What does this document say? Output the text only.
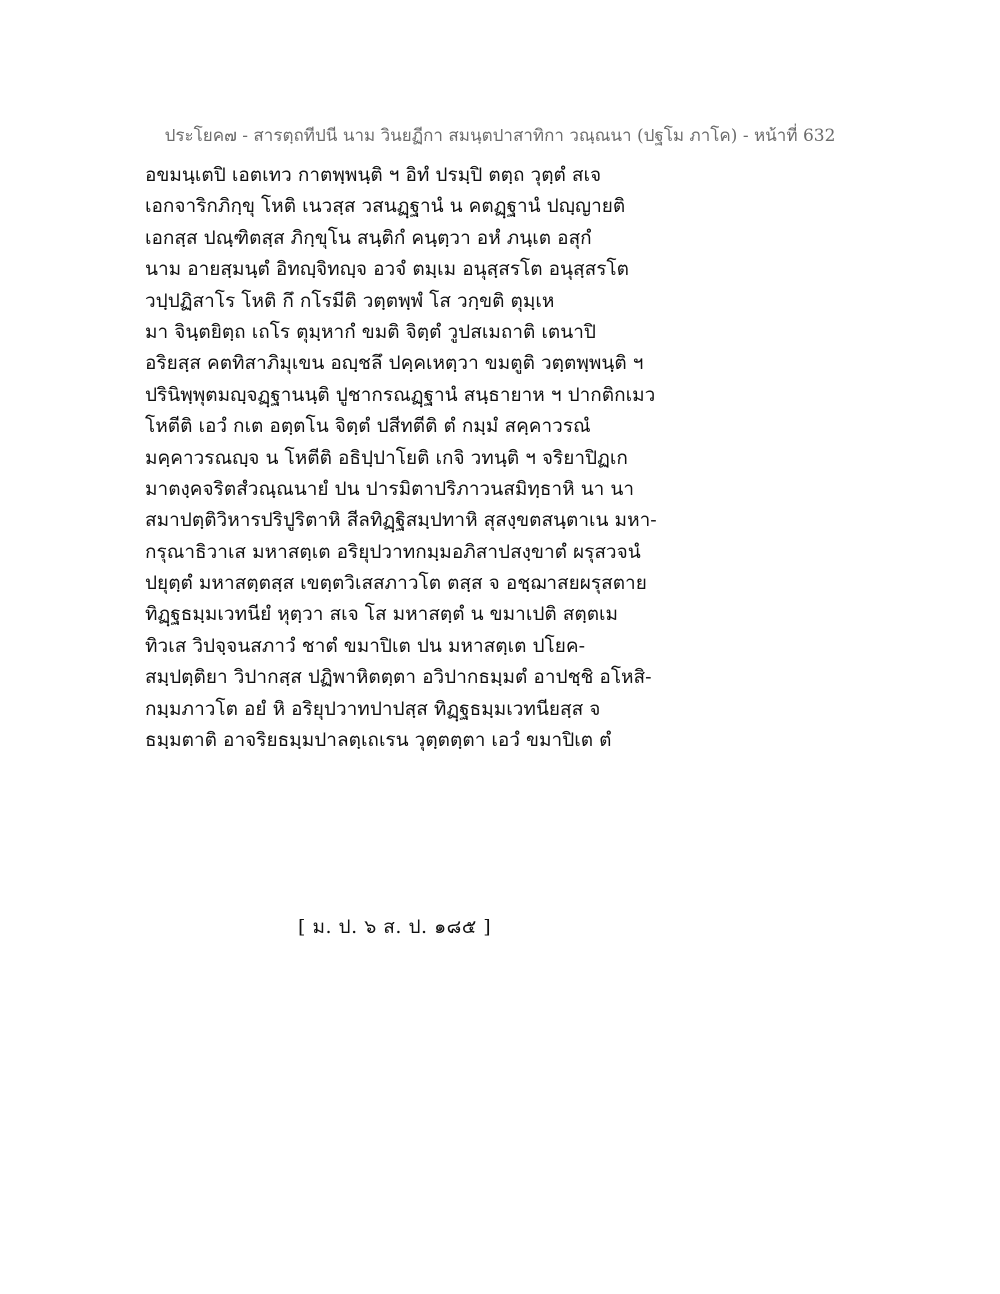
ประโยค๗ - สารตฺถทีปนี นาม วินยฏีกา สมนฺตปาสาทิกา วณฺณนา (ปฐโม ภาโค) - หน้าที่ 632
อขมนฺเตปิ เอตเทว กาตพฺพนฺติ ฯ อิทํ ปรมฺปิ ตตฺถ วุตฺตํ สเจ
เอกจาริกภิกฺขุ โหติ เนวสฺส วสนฏฺฐานํ น คตฏฺฐานํ ปญฺญายติ
เอกสฺส ปณฺฑิตสฺส ภิกฺขุโน สนฺติกํ คนฺตฺวา อหํ ภนฺเต อสุกํ
นาม อายสฺมนฺตํ อิทญฺจิทญฺจ อวจํ ตมฺเม อนุสฺสรโต อนุสฺสรโต
วปฺปฏิสาโร โหติ กึ กโรมีติ วตฺตพฺพํ โส วกฺขติ ตุมฺเห
มา จินฺตยิตฺถ เถโร ตุมฺหากํ ขมติ จิตฺตํ วูปสเมถาติ เตนาปิ
อริยสฺส คตทิสาภิมุเขน อญฺชลึ ปคฺคเหตฺวา ขมตูติ วตฺตพฺพนฺติ ฯ
ปรินิพฺพุตมญฺจฏฺฐานนฺติ ปูชากรณฏฺฐานํ สนฺธายาห ฯ ปากติกเมว
โหตีติ เอวํ กเต อตฺตโน จิตฺตํ ปสีทตีติ ตํ กมฺมํ สคฺคาวรณํ
มคฺคาวรณญฺจ น โหตีติ อธิปฺปาโยติ เกจิ วทนฺติ ฯ จริยาปิฏเก
มาตงฺคจริตสํวณฺณนายํ ปน ปารมิตาปริภาวนสมิทฺธาหิ นา นา
สมาปตฺติวิหารปริปูริตาหิ สีลทิฏฺฐิสมฺปทาหิ สุสงฺขตสนฺตาเน มหา-
กรุณาธิวาเส มหาสตฺเต อริยุปวาทกมฺมอภิสาปสงฺขาตํ ผรุสวจนํ
ปยุตฺตํ มหาสตฺตสฺส เขตฺตวิเสสภาวโต ตสฺส จ อชฺฌาสยผรุสตาย
ทิฏฺฐธมฺมเวทนียํ หุตฺวา สเจ โส มหาสตฺตํ น ขมาเปติ สตฺตเม
ทิวเส วิปจฺจนสภาวํ ชาตํ ขมาปิเต ปน มหาสตฺเต ปโยค-
สมฺปตฺติยา วิปากสฺส ปฏิพาหิตตฺตา อวิปากธมฺมตํ อาปชฺชิ อโหสิ-
กมฺมภาวโต อยํ หิ อริยุปวาทปาปสฺส ทิฏฺฐธมฺมเวทนียสฺส จ
ธมฺมตาติ อาจริยธมฺมปาลตฺเถเรน วุตฺตตฺตา เอวํ ขมาปิเต ตํ
[ ม. ป. ๖ ส. ป. ๑๘๕ ]
